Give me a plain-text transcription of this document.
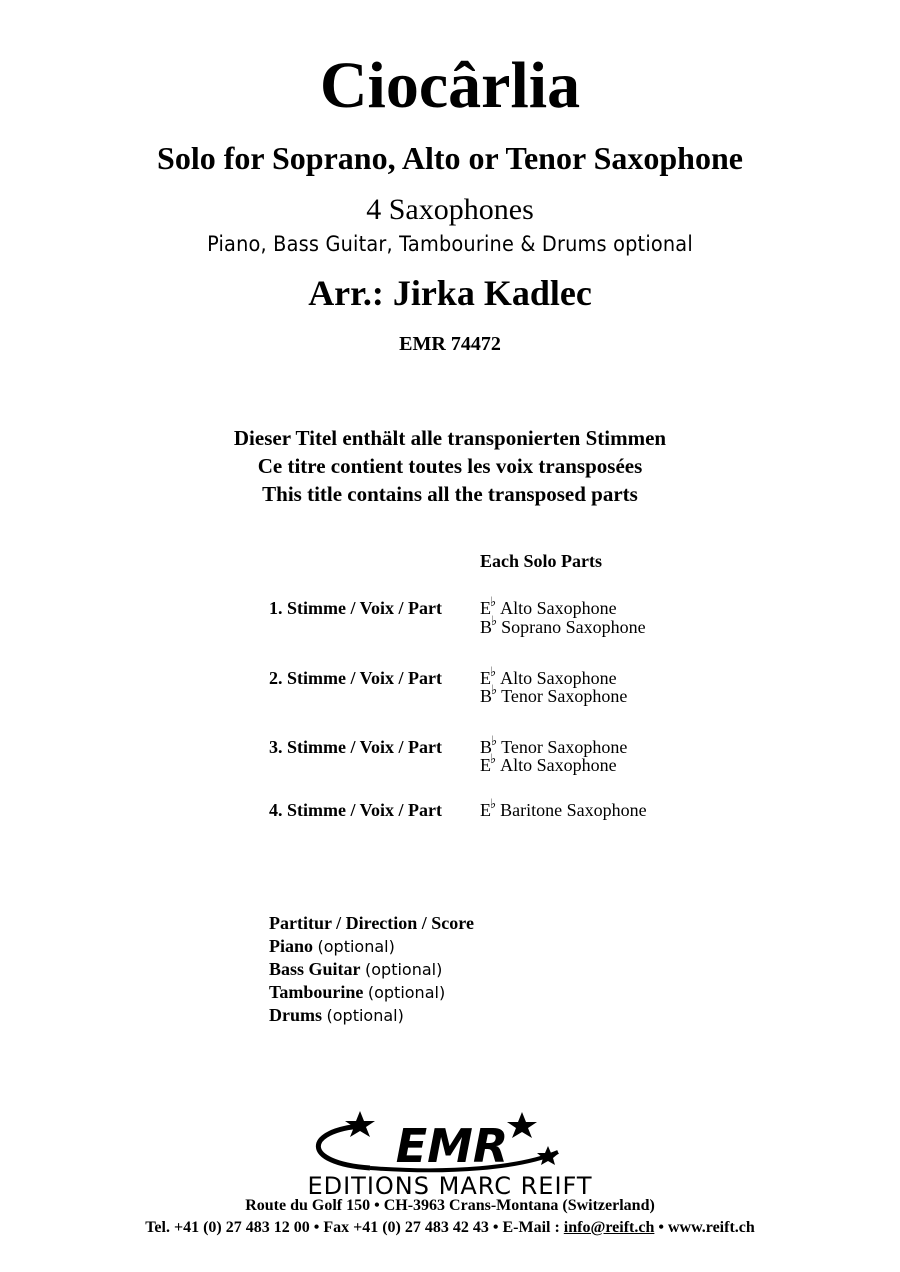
Ciocârlia
Solo for Soprano, Alto or Tenor Saxophone
4 Saxophones
Piano, Bass Guitar, Tambourine & Drums optional
Arr.: Jirka Kadlec
EMR 74472
Dieser Titel enthält alle transponierten Stimmen
Ce titre contient toutes les voix transposées
This title contains all the transposed parts
Each Solo Parts
1. Stimme / Voix / Part E♭ Alto Saxophone
B♭ Soprano Saxophone
2. Stimme / Voix / Part E♭ Alto Saxophone
B♭ Tenor Saxophone
3. Stimme / Voix / Part B♭ Tenor Saxophone
E♭ Alto Saxophone
4. Stimme / Voix / Part E♭ Baritone Saxophone
Partitur / Direction / Score
Piano (optional)
Bass Guitar (optional)
Tambourine (optional)
Drums (optional)
EMR
EDITIONS MARC REIFT
Route du Golf 150 • CH-3963 Crans-Montana (Switzerland)
Tel. +41 (0) 27 483 12 00 • Fax +41 (0) 27 483 42 43 • E-Mail : info@reift.ch • www.reift.ch
